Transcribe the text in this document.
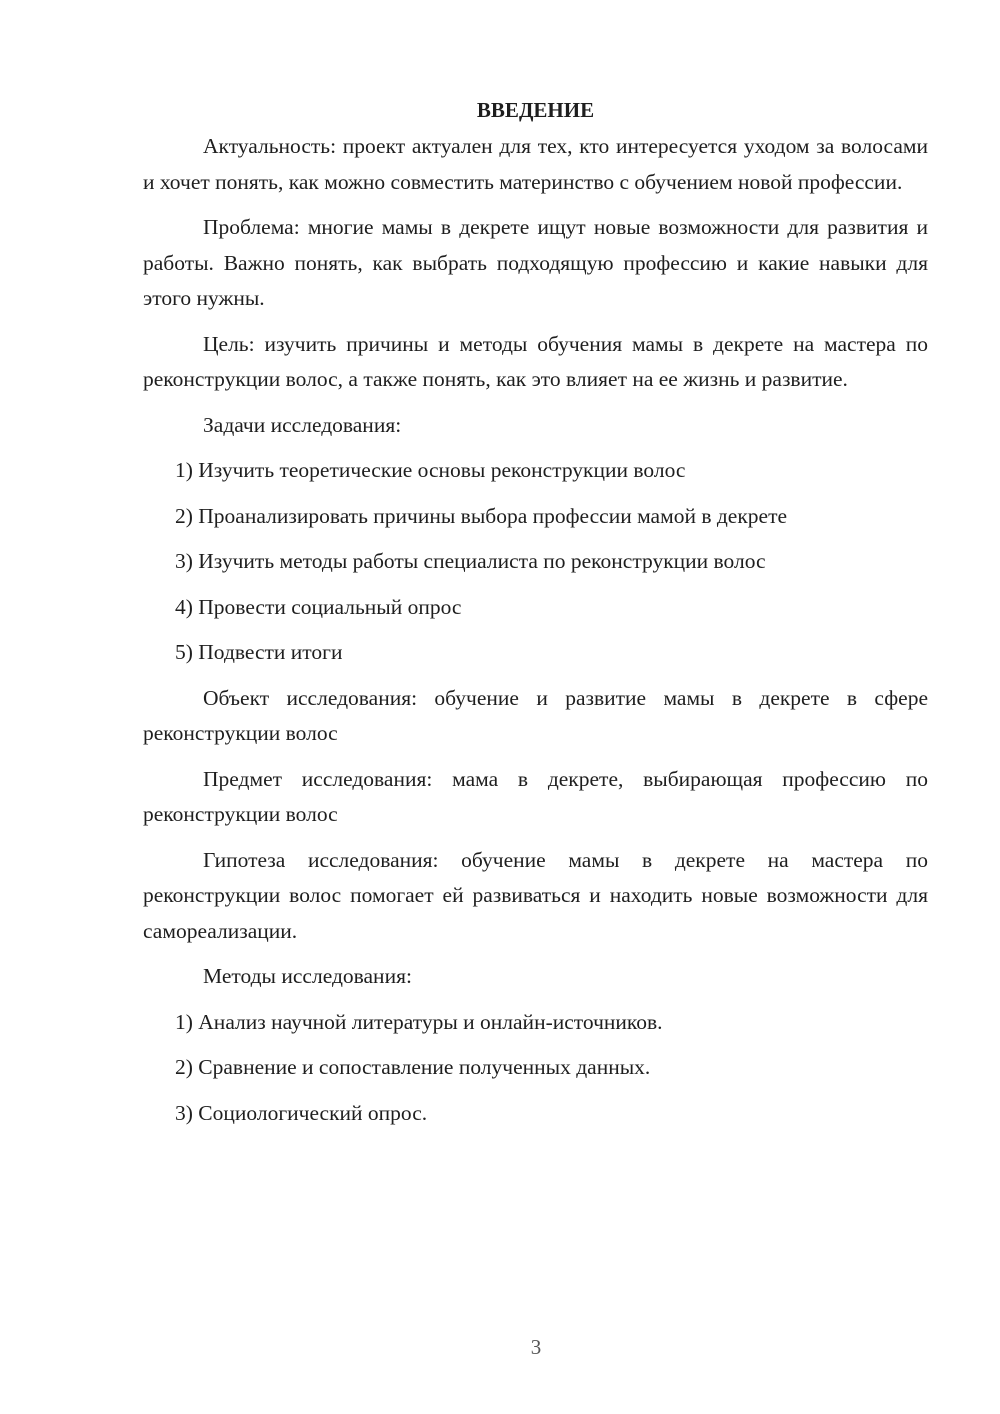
ВВЕДЕНИЕ

Актуальность: проект актуален для тех, кто интересуется уходом за волосами и хочет понять, как можно совместить материнство с обучением новой профессии.

Проблема: многие мамы в декрете ищут новые возможности для развития и работы. Важно понять, как выбрать подходящую профессию и какие навыки для этого нужны.

Цель: изучить причины и методы обучения мамы в декрете на мастера по реконструкции волос, а также понять, как это влияет на ее жизнь и развитие.

Задачи исследования:

1) Изучить теоретические основы реконструкции волос
2) Проанализировать причины выбора профессии мамой в декрете
3) Изучить методы работы специалиста по реконструкции волос
4) Провести социальный опрос
5) Подвести итоги

Объект исследования: обучение и развитие мамы в декрете в сфере реконструкции волос

Предмет исследования: мама в декрете, выбирающая профессию по реконструкции волос

Гипотеза исследования: обучение мамы в декрете на мастера по реконструкции волос помогает ей развиваться и находить новые возможности для самореализации.

Методы исследования:

1) Анализ научной литературы и онлайн-источников.
2) Сравнение и сопоставление полученных данных.
3) Социологический опрос.
3
